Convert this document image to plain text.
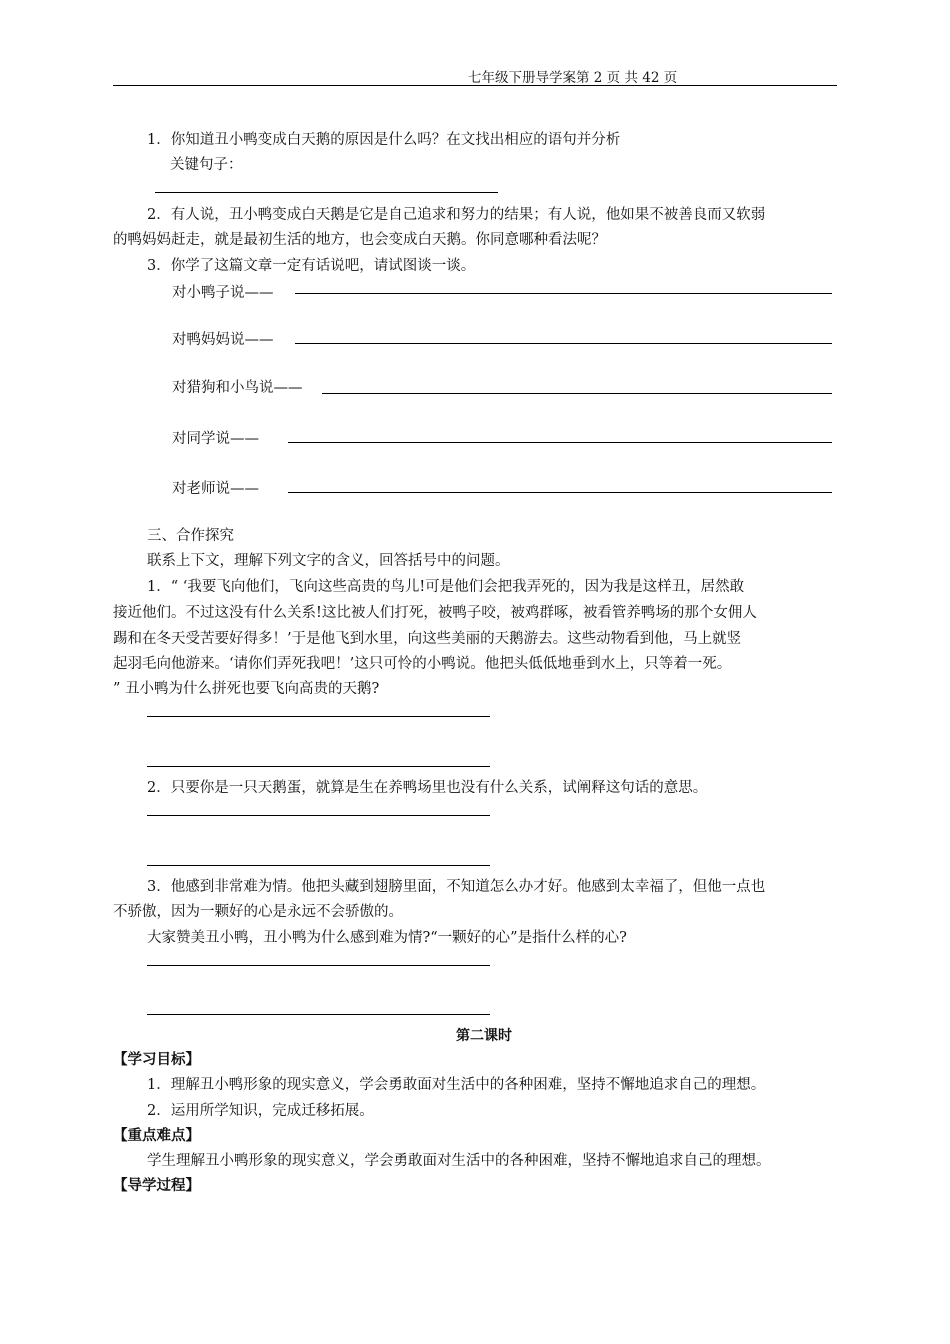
七年级下册导学案第 2 页 共 42 页
1．你知道丑小鸭变成白天鹅的原因是什么吗？在文找出相应的语句并分析
关键句子：
2．有人说，丑小鸭变成白天鹅是它是自己追求和努力的结果；有人说，他如果不被善良而又软弱
的鸭妈妈赶走，就是最初生活的地方，也会变成白天鹅。你同意哪种看法呢？
3．你学了这篇文章一定有话说吧，请试图谈一谈。
对小鸭子说——
对鸭妈妈说——
对猎狗和小鸟说——
对同学说——
对老师说——
三、合作探究
联系上下文，理解下列文字的含义，回答括号中的问题。
1．“ ‘我要飞向他们，飞向这些高贵的鸟儿!可是他们会把我弄死的，因为我是这样丑，居然敢
接近他们。不过这没有什么关系!这比被人们打死，被鸭子咬，被鸡群啄，被看管养鸭场的那个女佣人
踢和在冬天受苦要好得多！’于是他飞到水里，向这些美丽的天鹅游去。这些动物看到他，马上就竖
起羽毛向他游来。‘请你们弄死我吧！’这只可怜的小鸭说。他把头低低地垂到水上，只等着一死。
” 丑小鸭为什么拼死也要飞向高贵的天鹅?
2．只要你是一只天鹅蛋，就算是生在养鸭场里也没有什么关系，试阐释这句话的意思。
3．他感到非常难为情。他把头藏到翅膀里面，不知道怎么办才好。他感到太幸福了，但他一点也
不骄傲，因为一颗好的心是永远不会骄傲的。
大家赞美丑小鸭，丑小鸭为什么感到难为情?“一颗好的心”是指什么样的心?
第二课时
【学习目标】
1．理解丑小鸭形象的现实意义，学会勇敢面对生活中的各种困难，坚持不懈地追求自己的理想。
2．运用所学知识，完成迁移拓展。
【重点难点】
学生理解丑小鸭形象的现实意义，学会勇敢面对生活中的各种困难，坚持不懈地追求自己的理想。
【导学过程】
